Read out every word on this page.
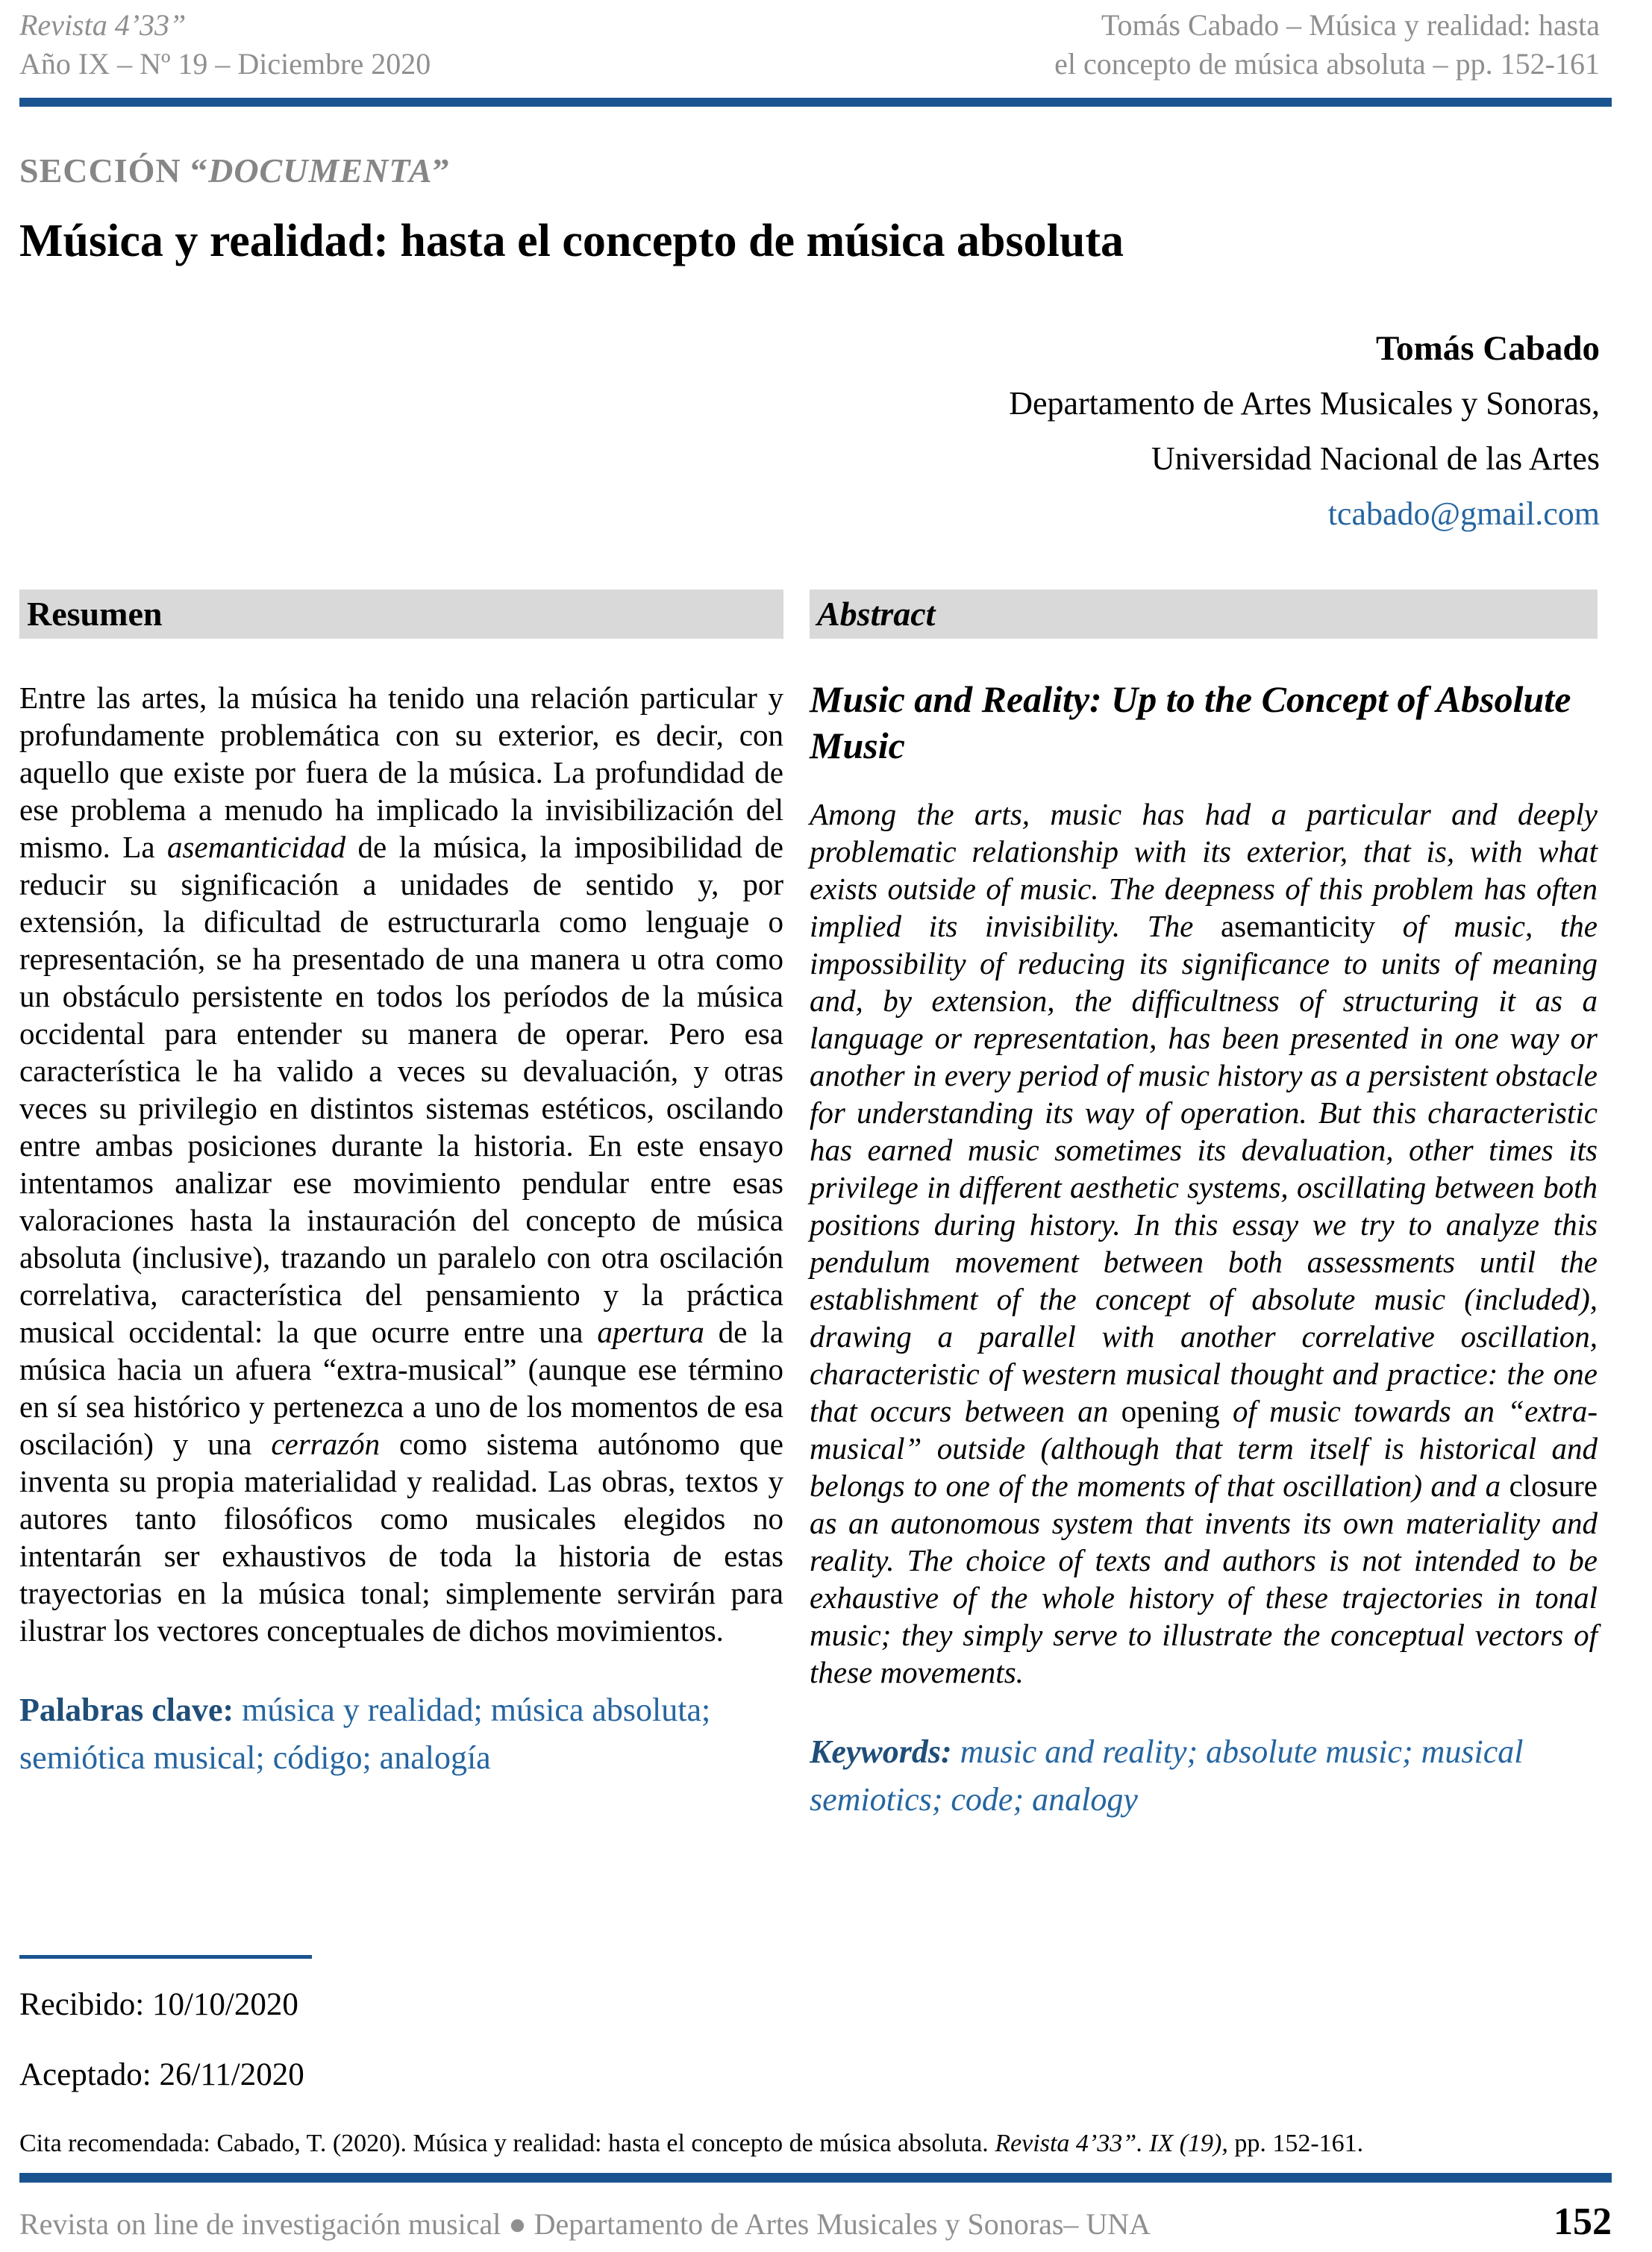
Revista 4’33”
Año IX – Nº 19 – Diciembre 2020
Tomás Cabado – Música y realidad: hasta
el concepto de música absoluta – pp. 152-161
SECCIÓN “DOCUMENTA”
Música y realidad: hasta el concepto de música absoluta
Tomás Cabado
Departamento de Artes Musicales y Sonoras,
Universidad Nacional de las Artes
tcabado@gmail.com
Resumen

Entre las artes, la música ha tenido una relación particular y profundamente problemática con su exterior, es decir, con aquello que existe por fuera de la música. La profundidad de ese problema a menudo ha implicado la invisibilización del mismo. La asemanticidad de la música, la imposibilidad de reducir su significación a unidades de sentido y, por extensión, la dificultad de estructurarla como lenguaje o representación, se ha presentado de una manera u otra como un obstáculo persistente en todos los períodos de la música occidental para entender su manera de operar. Pero esa característica le ha valido a veces su devaluación, y otras veces su privilegio en distintos sistemas estéticos, oscilando entre ambas posiciones durante la historia. En este ensayo intentamos analizar ese movimiento pendular entre esas valoraciones hasta la instauración del concepto de música absoluta (inclusive), trazando un paralelo con otra oscilación correlativa, característica del pensamiento y la práctica musical occidental: la que ocurre entre una apertura de la música hacia un afuera “extra-musical” (aunque ese término en sí sea histórico y pertenezca a uno de los momentos de esa oscilación) y una cerrazón como sistema autónomo que inventa su propia materialidad y realidad. Las obras, textos y autores tanto filosóficos como musicales elegidos no intentarán ser exhaustivos de toda la historia de estas trayectorias en la música tonal; simplemente servirán para ilustrar los vectores conceptuales de dichos movimientos.

Palabras clave: música y realidad; música absoluta; semiótica musical; código; analogía

Abstract
Music and Reality: Up to the Concept of Absolute Music

Among the arts, music has had a particular and deeply problematic relationship with its exterior, that is, with what exists outside of music. The deepness of this problem has often implied its invisibility. The asemanticity of music, the impossibility of reducing its significance to units of meaning and, by extension, the difficultness of structuring it as a language or representation, has been presented in one way or another in every period of music history as a persistent obstacle for understanding its way of operation. But this characteristic has earned music sometimes its devaluation, other times its privilege in different aesthetic systems, oscillating between both positions during history. In this essay we try to analyze this pendulum movement between both assessments until the establishment of the concept of absolute music (included), drawing a parallel with another correlative oscillation, characteristic of western musical thought and practice: the one that occurs between an opening of music towards an “extra-musical” outside (although that term itself is historical and belongs to one of the moments of that oscillation) and a closure as an autonomous system that invents its own materiality and reality. The choice of texts and authors is not intended to be exhaustive of the whole history of these trajectories in tonal music; they simply serve to illustrate the conceptual vectors of these movements.

Keywords: music and reality; absolute music; musical semiotics; code; analogy

Recibido: 10/10/2020
Aceptado: 26/11/2020
Cita recomendada: Cabado, T. (2020). Música y realidad: hasta el concepto de música absoluta. Revista 4’33”. IX (19), pp. 152-161.
Revista on line de investigación musical ● Departamento de Artes Musicales y Sonoras– UNA	152
